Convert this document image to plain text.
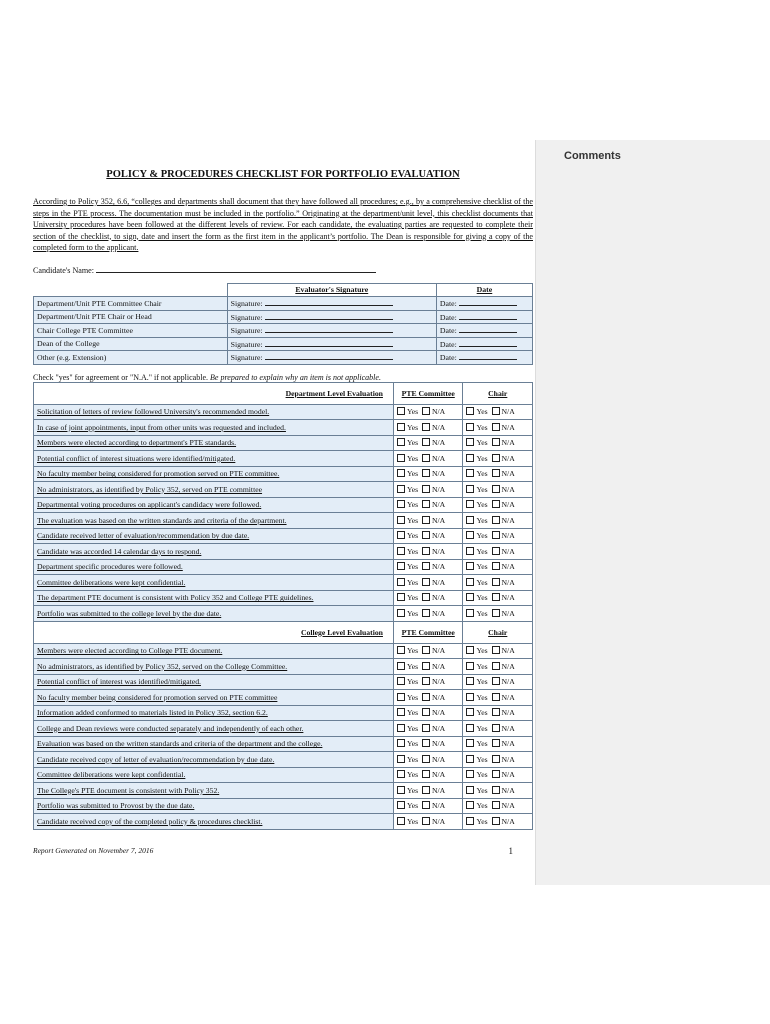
Comments
POLICY & PROCEDURES CHECKLIST FOR PORTFOLIO EVALUATION
According to Policy 352, 6.6, “colleges and departments shall document that they have followed all procedures; e.g., by a comprehensive checklist of the steps in the PTE process. The documentation must be included in the portfolio.” Originating at the department/unit level, this checklist documents that University procedures have been followed at the different levels of review. For each candidate, the evaluating parties are requested to complete their section of the checklist, to sign, date and insert the form as the first item in the applicant’s portfolio. The Dean is responsible for giving a copy of the completed form to the applicant.
Candidate's Name:
	Evaluator's Signature	Date
Department/Unit PTE Committee Chair	Signature:	Date:
Department/Unit PTE Chair or Head	Signature:	Date:
Chair College PTE Committee	Signature:	Date:
Dean of the College	Signature:	Date:
Other (e.g. Extension)	Signature:	Date:
Check "yes" for agreement or "N.A." if not applicable. Be prepared to explain why an item is not applicable.
Department Level Evaluation	PTE Committee	Chair
Solicitation of letters of review followed University's recommended model.	Yes N/A	Yes N/A
In case of joint appointments, input from other units was requested and included.	Yes N/A	Yes N/A
Members were elected according to department's PTE standards.	Yes N/A	Yes N/A
Potential conflict of interest situations were identified/mitigated.	Yes N/A	Yes N/A
No faculty member being considered for promotion served on PTE committee.	Yes N/A	Yes N/A
No administrators, as identified by Policy 352, served on PTE committee	Yes N/A	Yes N/A
Departmental voting procedures on applicant's candidacy were followed.	Yes N/A	Yes N/A
The evaluation was based on the written standards and criteria of the department.	Yes N/A	Yes N/A
Candidate received letter of evaluation/recommendation by due date.	Yes N/A	Yes N/A
Candidate was accorded 14 calendar days to respond.	Yes N/A	Yes N/A
Department specific procedures were followed.	Yes N/A	Yes N/A
Committee deliberations were kept confidential.	Yes N/A	Yes N/A
The department PTE document is consistent with Policy 352 and College PTE guidelines.	Yes N/A	Yes N/A
Portfolio was submitted to the college level by the due date.	Yes N/A	Yes N/A
College Level Evaluation	PTE Committee	Chair
Members were elected according to College PTE document.	Yes N/A	Yes N/A
No administrators, as identified by Policy 352, served on the College Committee.	Yes N/A	Yes N/A
Potential conflict of interest was identified/mitigated.	Yes N/A	Yes N/A
No faculty member being considered for promotion served on PTE committee	Yes N/A	Yes N/A
Information added conformed to materials listed in Policy 352, section 6.2.	Yes N/A	Yes N/A
College and Dean reviews were conducted separately and independently of each other.	Yes N/A	Yes N/A
Evaluation was based on the written standards and criteria of the department and the college.	Yes N/A	Yes N/A
Candidate received copy of letter of evaluation/recommendation by due date.	Yes N/A	Yes N/A
Committee deliberations were kept confidential.	Yes N/A	Yes N/A
The College's PTE document is consistent with Policy 352.	Yes N/A	Yes N/A
Portfolio was submitted to Provost by the due date.	Yes N/A	Yes N/A
Candidate received copy of the completed policy & procedures checklist.	Yes N/A	Yes N/A
Report Generated on November 7, 2016	1
